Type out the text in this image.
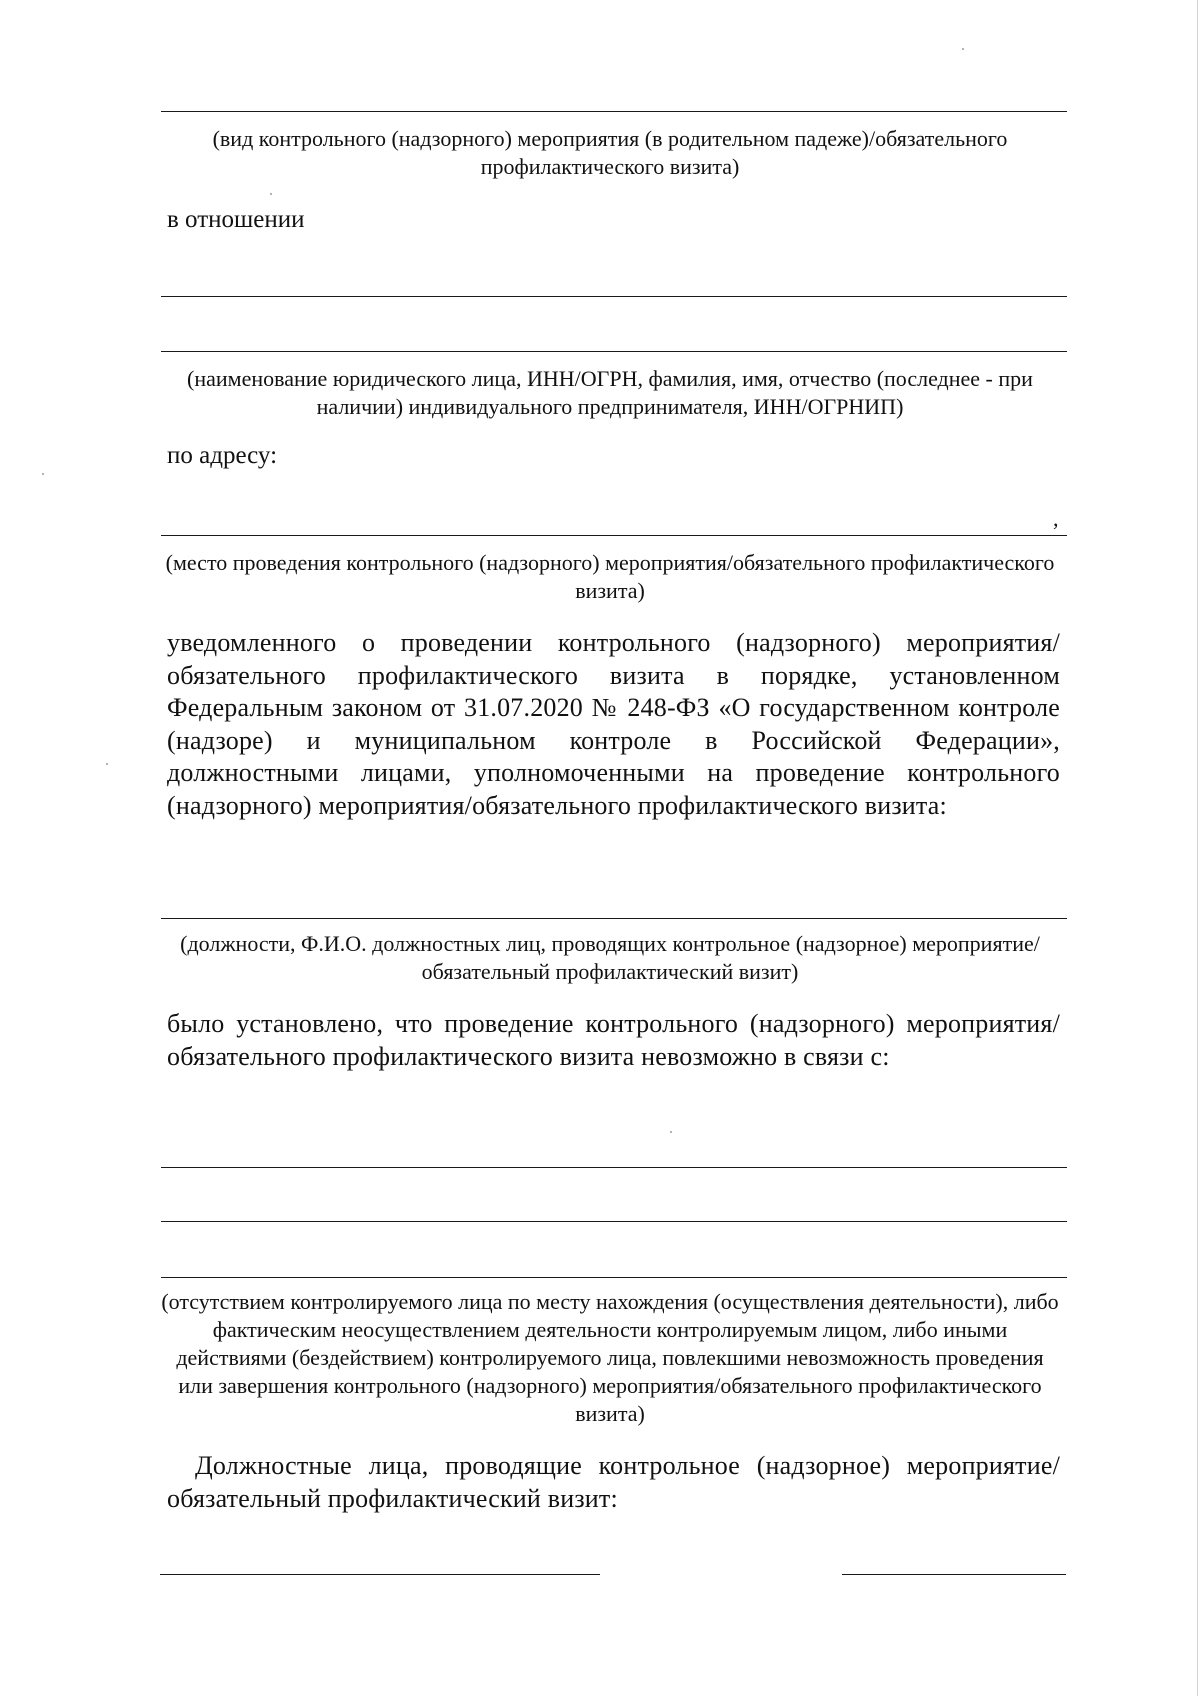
(вид контрольного (надзорного) мероприятия (в родительном падеже)/обязательного профилактического визита)
в отношении
(наименование юридического лица, ИНН/ОГРН, фамилия, имя, отчество (последнее - при наличии) индивидуального предпринимателя, ИНН/ОГРНИП)
по адресу:
,
(место проведения контрольного (надзорного) мероприятия/обязательного профилактического визита)
уведомленного о проведении контрольного (надзорного) мероприятия/обязательного профилактического визита в порядке, установленном Федеральным законом от 31.07.2020 № 248-ФЗ «О государственном контроле (надзоре) и муниципальном контроле в Российской Федерации», должностными лицами, уполномоченными на проведение контрольного (надзорного) мероприятия/обязательного профилактического визита:
(должности, Ф.И.О. должностных лиц, проводящих контрольное (надзорное) мероприятие/обязательный профилактический визит)
было установлено, что проведение контрольного (надзорного) мероприятия/обязательного профилактического визита невозможно в связи с:
(отсутствием контролируемого лица по месту нахождения (осуществления деятельности), либо фактическим неосуществлением деятельности контролируемым лицом, либо иными действиями (бездействием) контролируемого лица, повлекшими невозможность проведения или завершения контрольного (надзорного) мероприятия/обязательного профилактического визита)
Должностные лица, проводящие контрольное (надзорное) мероприятие/обязательный профилактический визит:
